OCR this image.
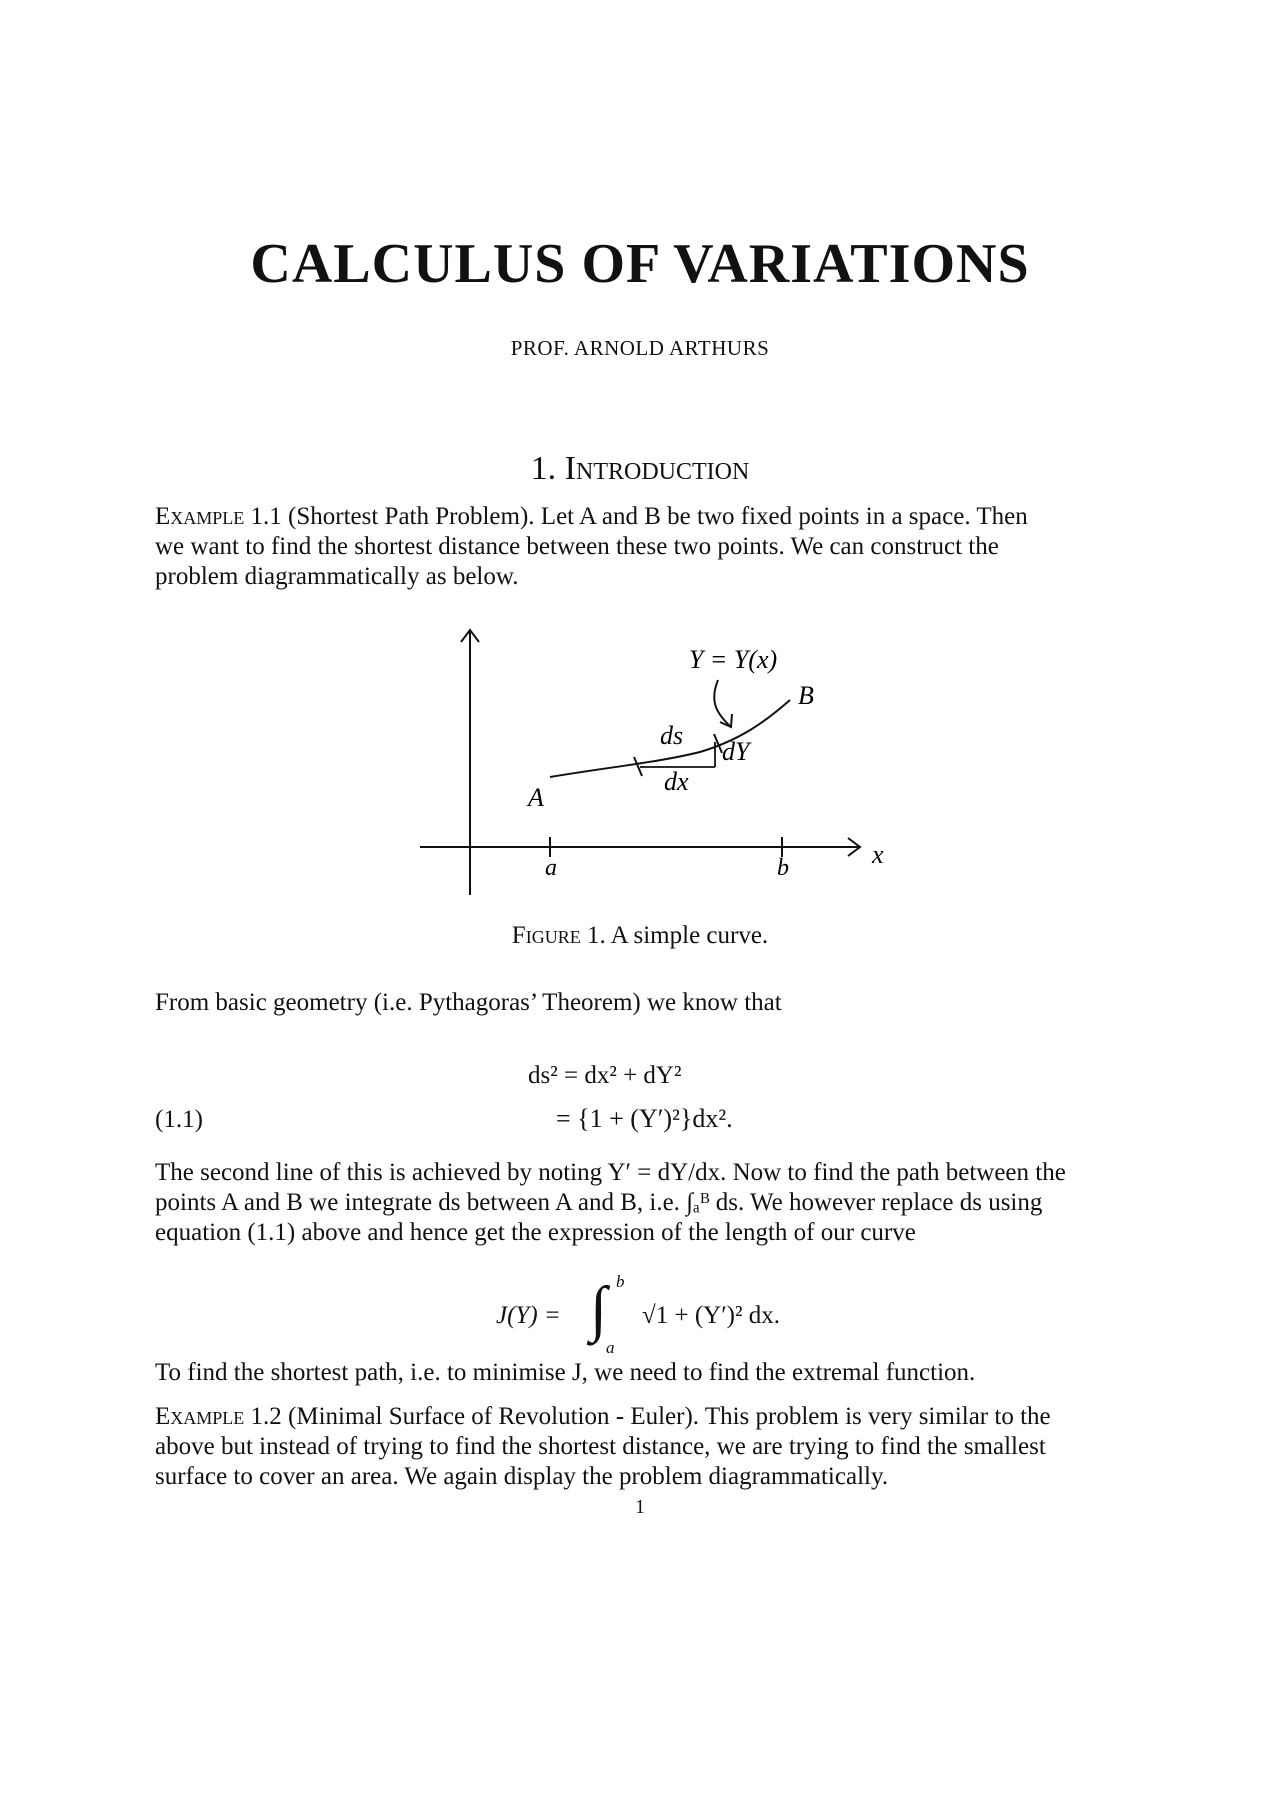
CALCULUS OF VARIATIONS
PROF. ARNOLD ARTHURS
1. Introduction

Example 1.1 (Shortest Path Problem). Let A and B be two fixed points in a space. Then

we want to find the shortest distance between these two points. We can construct the

problem diagrammatically as below.

Y = Y(x)
B
ds
dY
dx
A
a	b	x
Figure 1. A simple curve.

From basic geometry (i.e. Pythagoras’ Theorem) we know that

ds² = dx² + dY²
= {1 + (Y′)²}dx².
(1.1)

The second line of this is achieved by noting Y′ = dY/dx. Now to find the path between the

points A and B we integrate ds between A and B, i.e. ∫ₐᴮ ds. We however replace ds using

equation (1.1) above and hence get the expression of the length of our curve

J(Y) = ∫ b
a
√1 + (Y′)² dx.

To find the shortest path, i.e. to minimise J, we need to find the extremal function.

Example 1.2 (Minimal Surface of Revolution - Euler). This problem is very similar to the

above but instead of trying to find the shortest distance, we are trying to find the smallest

surface to cover an area. We again display the problem diagrammatically.

1
